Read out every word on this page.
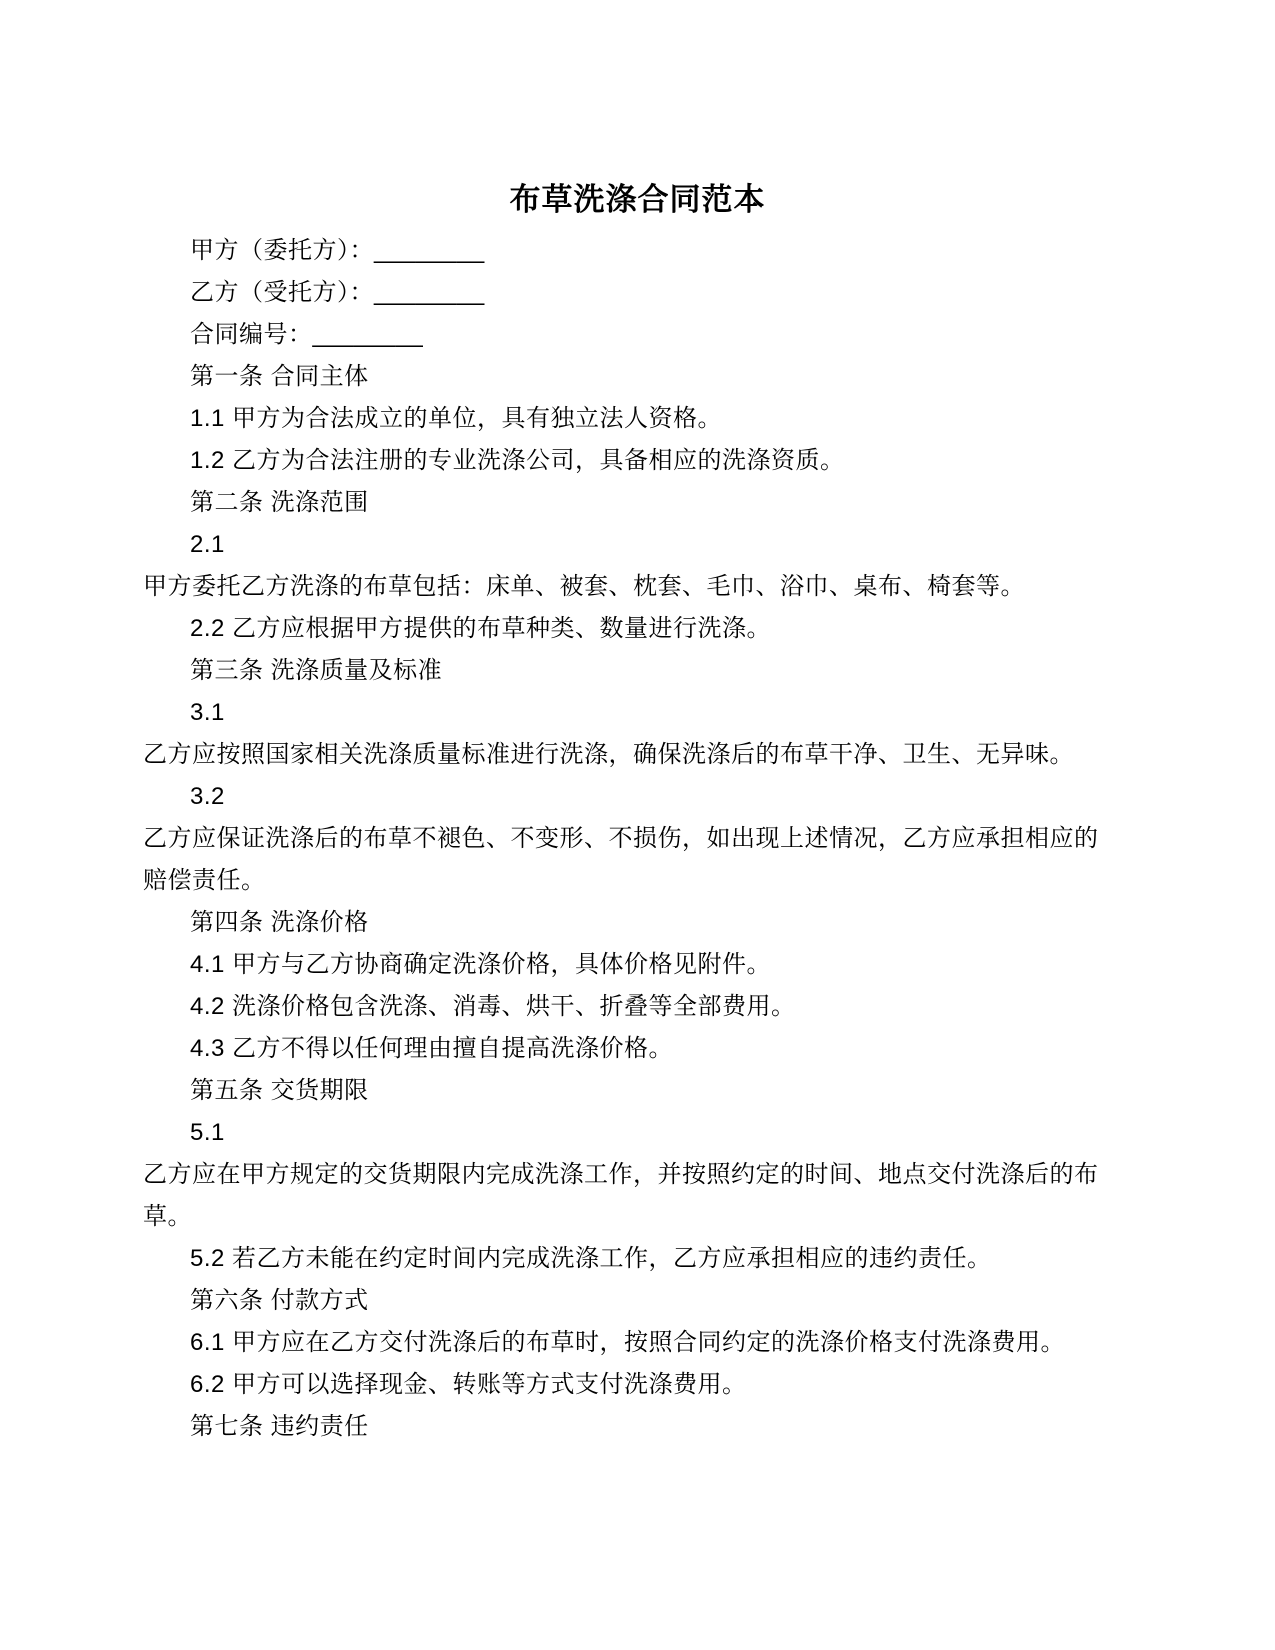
布草洗涤合同范本
甲方（委托方）：________
乙方（受托方）：________
合同编号：________
第一条 合同主体
1.1 甲方为合法成立的单位，具有独立法人资格。
1.2 乙方为合法注册的专业洗涤公司，具备相应的洗涤资质。
第二条 洗涤范围
2.1
甲方委托乙方洗涤的布草包括：床单、被套、枕套、毛巾、浴巾、桌布、椅套等。
2.2 乙方应根据甲方提供的布草种类、数量进行洗涤。
第三条 洗涤质量及标准
3.1
乙方应按照国家相关洗涤质量标准进行洗涤，确保洗涤后的布草干净、卫生、无异味。
3.2
乙方应保证洗涤后的布草不褪色、不变形、不损伤，如出现上述情况，乙方应承担相应的
赔偿责任。
第四条 洗涤价格
4.1 甲方与乙方协商确定洗涤价格，具体价格见附件。
4.2 洗涤价格包含洗涤、消毒、烘干、折叠等全部费用。
4.3 乙方不得以任何理由擅自提高洗涤价格。
第五条 交货期限
5.1
乙方应在甲方规定的交货期限内完成洗涤工作，并按照约定的时间、地点交付洗涤后的布
草。
5.2 若乙方未能在约定时间内完成洗涤工作，乙方应承担相应的违约责任。
第六条 付款方式
6.1 甲方应在乙方交付洗涤后的布草时，按照合同约定的洗涤价格支付洗涤费用。
6.2 甲方可以选择现金、转账等方式支付洗涤费用。
第七条 违约责任
